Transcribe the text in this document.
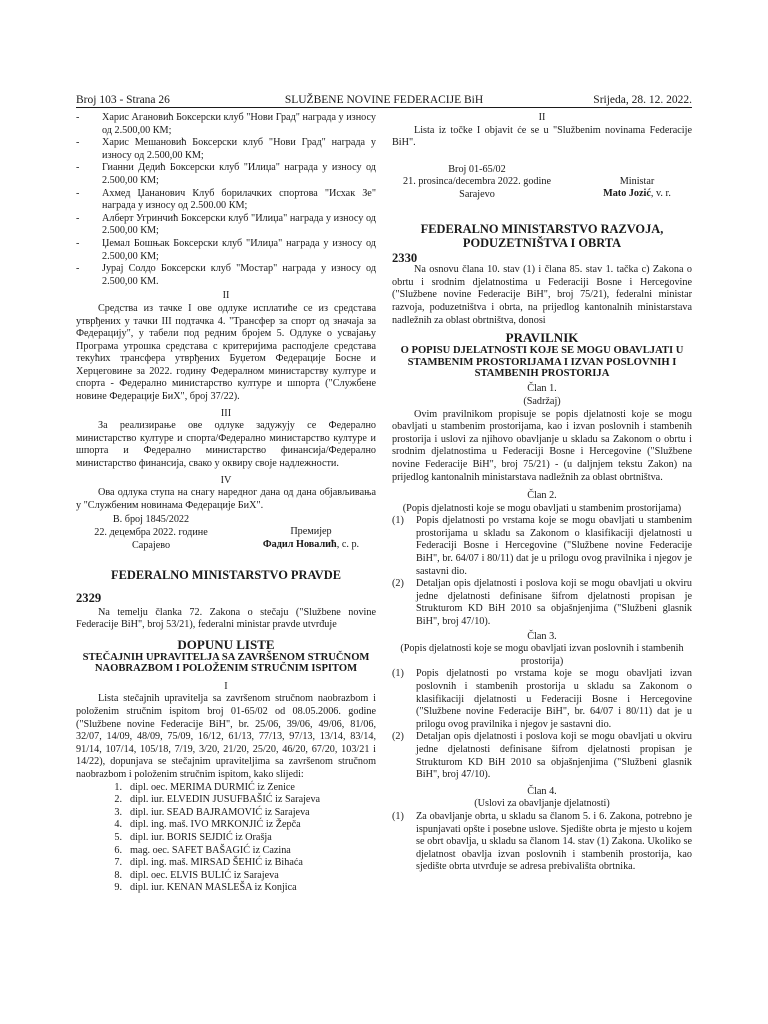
Broj 103 - Strana 26	SLUŽBENE NOVINE FEDERACIJE BiH	Srijeda, 28. 12. 2022.
-	Харис Агановић Боксерски клуб "Нови Град" награда у износу од 2.500,00 КМ;
-	Харис Мешановић Боксерски клуб "Нови Град" награда у износу од 2.500,00 КМ;
-	Гианни Дедић Боксерски клуб "Илиџа" награда у износу од 2.500,00 КМ;
-	Ахмед Џананович Клуб борилачких спортова "Исхак Зе" награда у износу од 2.500.00 КМ;
-	Алберт Угринчић Боксерски клуб "Илиџа" награда у износу од 2.500,00 КМ;
-	Џемал Бошњак Боксерски клуб "Илиџа" награда у износу од 2.500,00 КМ;
-	Јурај Солдо Боксерски клуб "Мостар" награда у износу од 2.500,00 КМ.

II

Средства из тачке I ове одлуке исплатиће се из средстава утврђених у тачки III подтачка 4. "Трансфер за спорт од значаја за Федерацију", у табели под редним бројем 5. Одлуке о усвајању Програма утрошка средстава с критеријима расподјеле средстава текућих трансфера утврђених Буџетом Федерације Босне и Херцеговине за 2022. годину Федералном министарству културе и спорта - Федерално министарство културе и шпорта ("Службене новине Федерације БиХ", број 37/22).

III

За реализирање ове одлуке задужују се Федерално министарство културе и спорта/Федерално министарство културе и шпорта и Федерално министарство финансија/Федерално министарство финансија, свако у оквиру своје надлежности.

IV

Ова одлука ступа на снагу наредног дана од дана објављивања у "Службеним новинама Федерације БиХ".

В. број 1845/2022
22. децембра 2022. године
Сарајево
Премијер
Фадил Новалић, с. р.

FEDERALNO MINISTARSTVO PRAVDE

2329

Na temelju članka 72. Zakona o stečaju ("Službene novine Federacije BiH", broj 53/21), federalni ministar pravde utvrđuje

DOPUNU LISTE

STEČAJNIH UPRAVITELJA SA ZAVRŠENOM STRUČNOM NAOBRAZBOM I POLOŽENIM STRUČNIM ISPITOM

I

Lista stečajnih upravitelja sa završenom stručnom naobrazbom i položenim stručnim ispitom broj 01-65/02 od 08.05.2006. godine ("Službene novine Federacije BiH", br. 25/06, 39/06, 49/06, 81/06, 32/07, 14/09, 48/09, 75/09, 16/12, 61/13, 77/13, 97/13, 13/14, 83/14, 91/14, 107/14, 105/18, 7/19, 3/20, 21/20, 25/20, 46/20, 67/20, 103/21 i 14/22), dopunjava se stečajnim upraviteljima sa završenom stručnom naobrazbom i položenim stručnim ispitom, kako slijedi:

1. dipl. oec. MERIMA DURMIĆ iz Zenice
2. dipl. iur. ELVEDIN JUSUFBAŠIĆ iz Sarajeva
3. dipl. iur. SEAD BAJRAMOVIĆ iz Sarajeva
4. dipl. ing. maš. IVO MRKONJIĆ iz Žepča
5. dipl. iur. BORIS SEJDIĆ iz Orašja
6. mag. oec. SAFET BAŠAGIĆ iz Cazina
7. dipl. ing. maš. MIRSAD ŠEHIĆ iz Bihaća
8. dipl. oec. ELVIS BULIĆ iz Sarajeva
9. dipl. iur. KENAN MASLEŠA iz Konjica

II

Lista iz točke I objavit će se u "Službenim novinama Federacije BiH".

Broj 01-65/02
21. prosinca/decembra 2022. godine
Sarajevo
Ministar
Mato Jozić, v. r.

FEDERALNO MINISTARSTVO RAZVOJA, PODUZETNIŠTVA I OBRTA

2330

Na osnovu člana 10. stav (1) i člana 85. stav 1. tačka c) Zakona o obrtu i srodnim djelatnostima u Federaciji Bosne i Hercegovine ("Službene novine Federacije BiH", broj 75/21), federalni ministar razvoja, poduzetništva i obrta, na prijedlog kantonalnih ministarstava nadležnih za oblast obrtništva, donosi

PRAVILNIK

O POPISU DJELATNOSTI KOJE SE MOGU OBAVLJATI U STAMBENIM PROSTORIJAMA I IZVAN POSLOVNIH I STAMBENIH PROSTORIJA

Član 1.

(Sadržaj)

Ovim pravilnikom propisuje se popis djelatnosti koje se mogu obavljati u stambenim prostorijama, kao i izvan poslovnih i stambenih prostorija i uslovi za njihovo obavljanje u skladu sa Zakonom o obrtu i srodnim djelatnostima u Federaciji Bosne i Hercegovine ("Službene novine Federacije BiH", broj 75/21) - (u daljnjem tekstu Zakon) na prijedlog kantonalnih ministarstava nadležnih za oblast obrtništva.

Član 2.

(Popis djelatnosti koje se mogu obavljati u stambenim prostorijama)

(1)	Popis djelatnosti po vrstama koje se mogu obavljati u stambenim prostorijama u skladu sa Zakonom o klasifikaciji djelatnosti u Federaciji Bosne i Hercegovine ("Službene novine Federacije BiH", br. 64/07 i 80/11) dat je u prilogu ovog pravilnika i njegov je sastavni dio.
(2)	Detaljan opis djelatnosti i poslova koji se mogu obavljati u okviru jedne djelatnosti definisane šifrom djelatnosti propisan je Strukturom KD BiH 2010 sa objašnjenjima ("Službeni glasnik BiH", broj 47/10).

Član 3.

(Popis djelatnosti koje se mogu obavljati izvan poslovnih i stambenih prostorija)

(1)	Popis djelatnosti po vrstama koje se mogu obavljati izvan poslovnih i stambenih prostorija u skladu sa Zakonom o klasifikaciji djelatnosti u Federaciji Bosne i Hercegovine ("Službene novine Federacije BiH", br. 64/07 i 80/11) dat je u prilogu ovog pravilnika i njegov je sastavni dio.
(2)	Detaljan opis djelatnosti i poslova koji se mogu obavljati u okviru jedne djelatnosti definisane šifrom djelatnosti propisan je Strukturom KD BiH 2010 sa objašnjenjima ("Službeni glasnik BiH", broj 47/10).

Član 4.

(Uslovi za obavljanje djelatnosti)

(1)	Za obavljanje obrta, u skladu sa članom 5. i 6. Zakona, potrebno je ispunjavati opšte i posebne uslove. Sjedište obrta je mjesto u kojem se obrt obavlja, u skladu sa članom 14. stav (1) Zakona. Ukoliko se djelatnost obavlja izvan poslovnih i stambenih prostorija, kao sjedište obrta utvrđuje se adresa prebivališta obrtnika.
